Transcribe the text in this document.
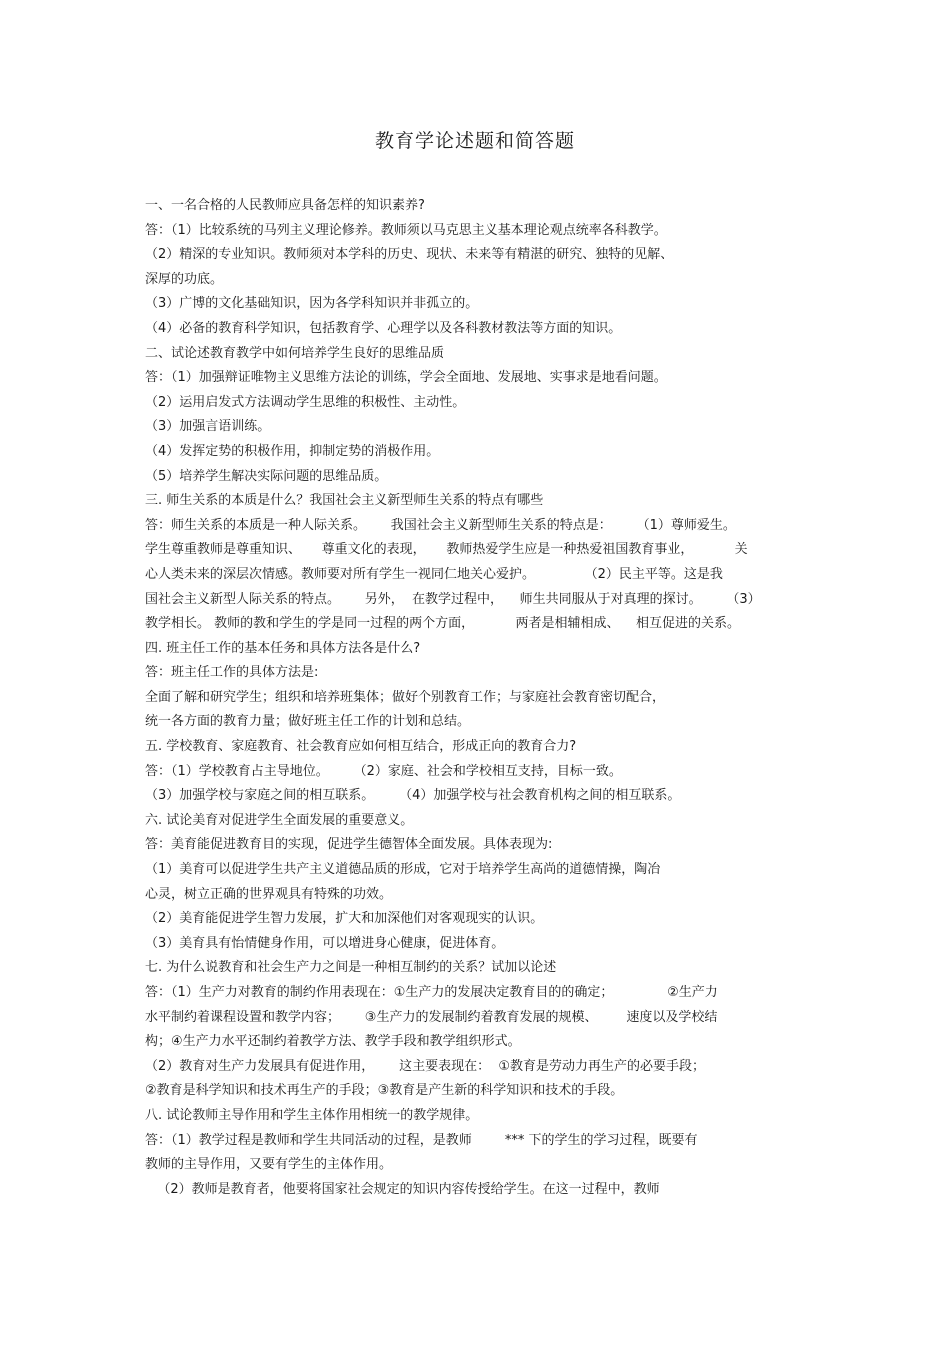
教育学论述题和简答题
一、一名合格的人民教师应具备怎样的知识素养?
答：（1）比较系统的马列主义理论修养。教师须以马克思主义基本理论观点统率各科教学。
（2）精深的专业知识。教师须对本学科的历史、现状、未来等有精湛的研究、独特的见解、
深厚的功底。
（3）广博的文化基础知识，因为各学科知识并非孤立的。
（4）必备的教育科学知识，包括教育学、心理学以及各科教材教法等方面的知识。
二、试论述教育教学中如何培养学生良好的思维品质
答：（1）加强辩证唯物主义思维方法论的训练，学会全面地、发展地、实事求是地看问题。
（2）运用启发式方法调动学生思维的积极性、主动性。
（3）加强言语训练。
（4）发挥定势的积极作用，抑制定势的消极作用。
（5）培养学生解决实际问题的思维品质。
三. 师生关系的本质是什么？我国社会主义新型师生关系的特点有哪些
答：师生关系的本质是一种人际关系。      我国社会主义新型师生关系的特点是：      （1）尊师爱生。
学生尊重教师是尊重知识、     尊重文化的表现，     教师热爱学生应是一种热爱祖国教育事业，          关
心人类未来的深层次情感。教师要对所有学生一视同仁地关心爱护。            （2）民主平等。这是我
国社会主义新型人际关系的特点。      另外，  在教学过程中，    师生共同服从于对真理的探讨。      （3）
教学相长。 教师的教和学生的学是同一过程的两个方面，          两者是相辅相成、    相互促进的关系。
四. 班主任工作的基本任务和具体方法各是什么?
答：班主任工作的具体方法是:
全面了解和研究学生；组织和培养班集体；做好个别教育工作；与家庭社会教育密切配合，
统一各方面的教育力量；做好班主任工作的计划和总结。
五. 学校教育、家庭教育、社会教育应如何相互结合，形成正向的教育合力?
答：（1）学校教育占主导地位。      （2）家庭、社会和学校相互支持，目标一致。
（3）加强学校与家庭之间的相互联系。      （4）加强学校与社会教育机构之间的相互联系。
六. 试论美育对促进学生全面发展的重要意义。
答：美育能促进教育目的实现，促进学生德智体全面发展。具体表现为:
（1）美育可以促进学生共产主义道德品质的形成，它对于培养学生高尚的道德情操，陶冶
心灵，树立正确的世界观具有特殊的功效。
（2）美育能促进学生智力发展，扩大和加深他们对客观现实的认识。
（3）美育具有怡情健身作用，可以增进身心健康，促进体育。
七. 为什么说教育和社会生产力之间是一种相互制约的关系？试加以论述
答：（1）生产力对教育的制约作用表现在：①生产力的发展决定教育目的的确定；             ②生产力
水平制约着课程设置和教学内容；      ③生产力的发展制约着教育发展的规模、       速度以及学校结
构；④生产力水平还制约着教学方法、教学手段和教学组织形式。
（2）教育对生产力发展具有促进作用，      这主要表现在：  ①教育是劳动力再生产的必要手段；
②教育是科学知识和技术再生产的手段；③教育是产生新的科学知识和技术的手段。
八. 试论教师主导作用和学生主体作用相统一的教学规律。
答：（1）教学过程是教师和学生共同活动的过程，是教师        *** 下的学生的学习过程，既要有
教师的主导作用，又要有学生的主体作用。
（2）教师是教育者，他要将国家社会规定的知识内容传授给学生。在这一过程中，教师
